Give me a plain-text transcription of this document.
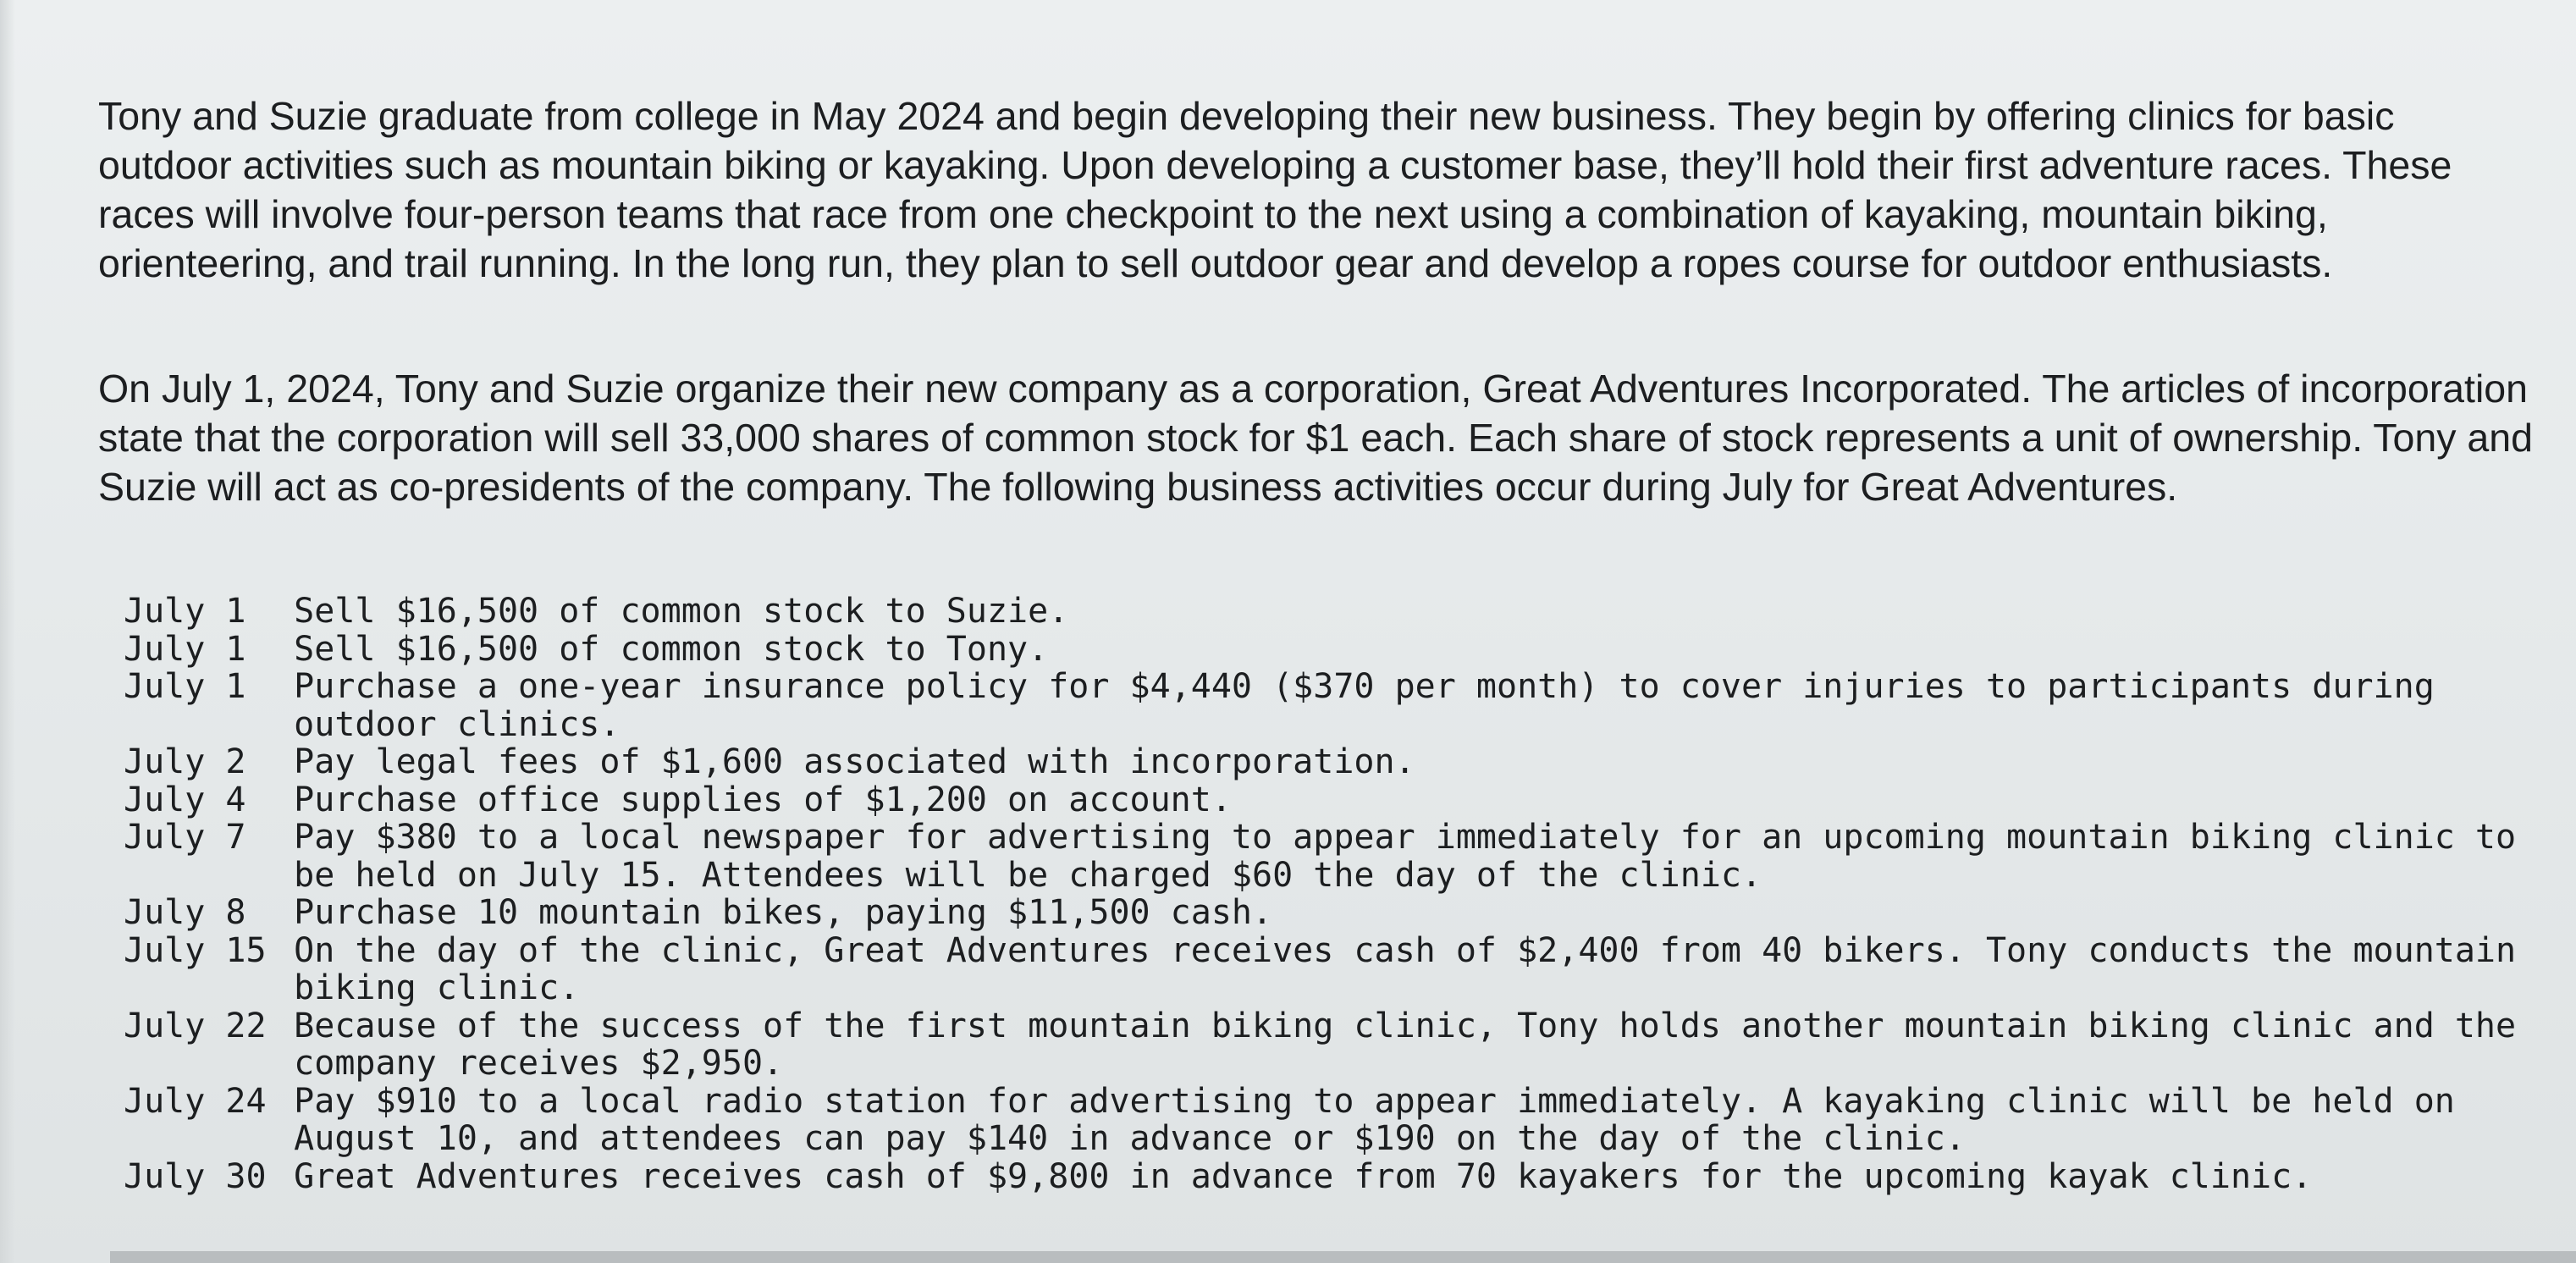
Tony and Suzie graduate from college in May 2024 and begin developing their new business. They begin by offering clinics for basic outdoor activities such as mountain biking or kayaking. Upon developing a customer base, they’ll hold their first adventure races. These races will involve four-person teams that race from one checkpoint to the next using a combination of kayaking, mountain biking, orienteering, and trail running. In the long run, they plan to sell outdoor gear and develop a ropes course for outdoor enthusiasts.

On July 1, 2024, Tony and Suzie organize their new company as a corporation, Great Adventures Incorporated. The articles of incorporation state that the corporation will sell 33,000 shares of common stock for $1 each. Each share of stock represents a unit of ownership. Tony and Suzie will act as co-presidents of the company. The following business activities occur during July for Great Adventures.

July 1	Sell $16,500 of common stock to Suzie.
July 1	Sell $16,500 of common stock to Tony.
July 1	Purchase a one-year insurance policy for $4,440 ($370 per month) to cover injuries to participants during outdoor clinics.
July 2	Pay legal fees of $1,600 associated with incorporation.
July 4	Purchase office supplies of $1,200 on account.
July 7	Pay $380 to a local newspaper for advertising to appear immediately for an upcoming mountain biking clinic to be held on July 15. Attendees will be charged $60 the day of the clinic.
July 8	Purchase 10 mountain bikes, paying $11,500 cash.
July 15	On the day of the clinic, Great Adventures receives cash of $2,400 from 40 bikers. Tony conducts the mountain biking clinic.
July 22	Because of the success of the first mountain biking clinic, Tony holds another mountain biking clinic and the company receives $2,950.
July 24	Pay $910 to a local radio station for advertising to appear immediately. A kayaking clinic will be held on August 10, and attendees can pay $140 in advance or $190 on the day of the clinic.
July 30	Great Adventures receives cash of $9,800 in advance from 70 kayakers for the upcoming kayak clinic.
